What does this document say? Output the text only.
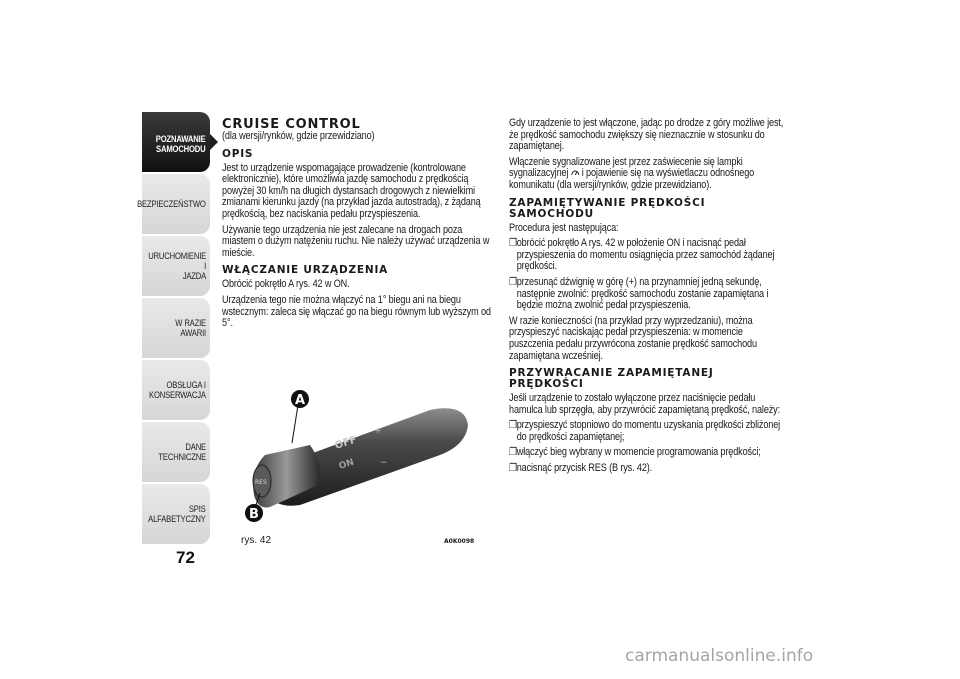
POZNAWANIE
SAMOCHODU
BEZPIECZEŃSTWO
URUCHOMIENIE I
JAZDA
W RAZIE AWARII
OBSŁUGA I
KONSERWACJA
DANE TECHNICZNE
SPIS ALFABETYCZNY
72
CRUISE CONTROL

(dla wersji/rynków, gdzie przewidziano)

OPIS

Jest to urządzenie wspomagające prowadzenie (kontrolowane elektronicznie), które umożliwia jazdę samochodu z prędkością powyżej 30 km/h na długich dystansach drogowych z niewielkimi zmianami kierunku jazdy (na przykład jazda autostradą), z żądaną prędkością, bez naciskania pedału przyspieszenia.

Używanie tego urządzenia nie jest zalecane na drogach poza miastem o dużym natężeniu ruchu. Nie należy używać urządzenia w mieście.

WŁĄCZANIE URZĄDZENIA

Obrócić pokrętło A rys. 42 w ON.

Urządzenia tego nie można włączyć na 1° biegu ani na biegu wstecznym: zaleca się włączać go na biegu równym lub wyższym od 5°.

RES
OFF
ON
+
−
A
B
rys. 42	A0K0098

Gdy urządzenie to jest włączone, jadąc po drodze z góry możliwe jest, że prędkość samochodu zwiększy się nieznacznie w stosunku do zapamiętanej.

Włączenie sygnalizowane jest przez zaświecenie się lampki sygnalizacyjnej  i pojawienie się na wyświetlaczu odnośnego komunikatu (dla wersji/rynków, gdzie przewidziano).

ZAPAMIĘTYWANIE PRĘDKOŚCI SAMOCHODU

Procedura jest następująca:

❒obrócić pokrętło A rys. 42 w położenie ON i nacisnąć pedał przyspieszenia do momentu osiągnięcia przez samochód żądanej prędkości.

❒przesunąć dźwignię w górę (+) na przynamniej jedną sekundę, następnie zwolnić: prędkość samochodu zostanie zapamiętana i będzie można zwolnić pedał przyspieszenia.

W razie konieczności (na przykład przy wyprzedzaniu), można przyspieszyć naciskając pedał przyspieszenia: w momencie puszczenia pedału przywrócona zostanie prędkość samochodu zapamiętana wcześniej.

PRZYWRACANIE ZAPAMIĘTANEJ PRĘDKOŚCI

Jeśli urządzenie to zostało wyłączone przez naciśnięcie pedału hamulca lub sprzęgła, aby przywrócić zapamiętaną prędkość, należy:

❒przyspieszyć stopniowo do momentu uzyskania prędkości zbliżonej do prędkości zapamiętanej;

❒włączyć bieg wybrany w momencie programowania prędkości;

❒nacisnąć przycisk RES (B rys. 42).

carmanualsonline.info
